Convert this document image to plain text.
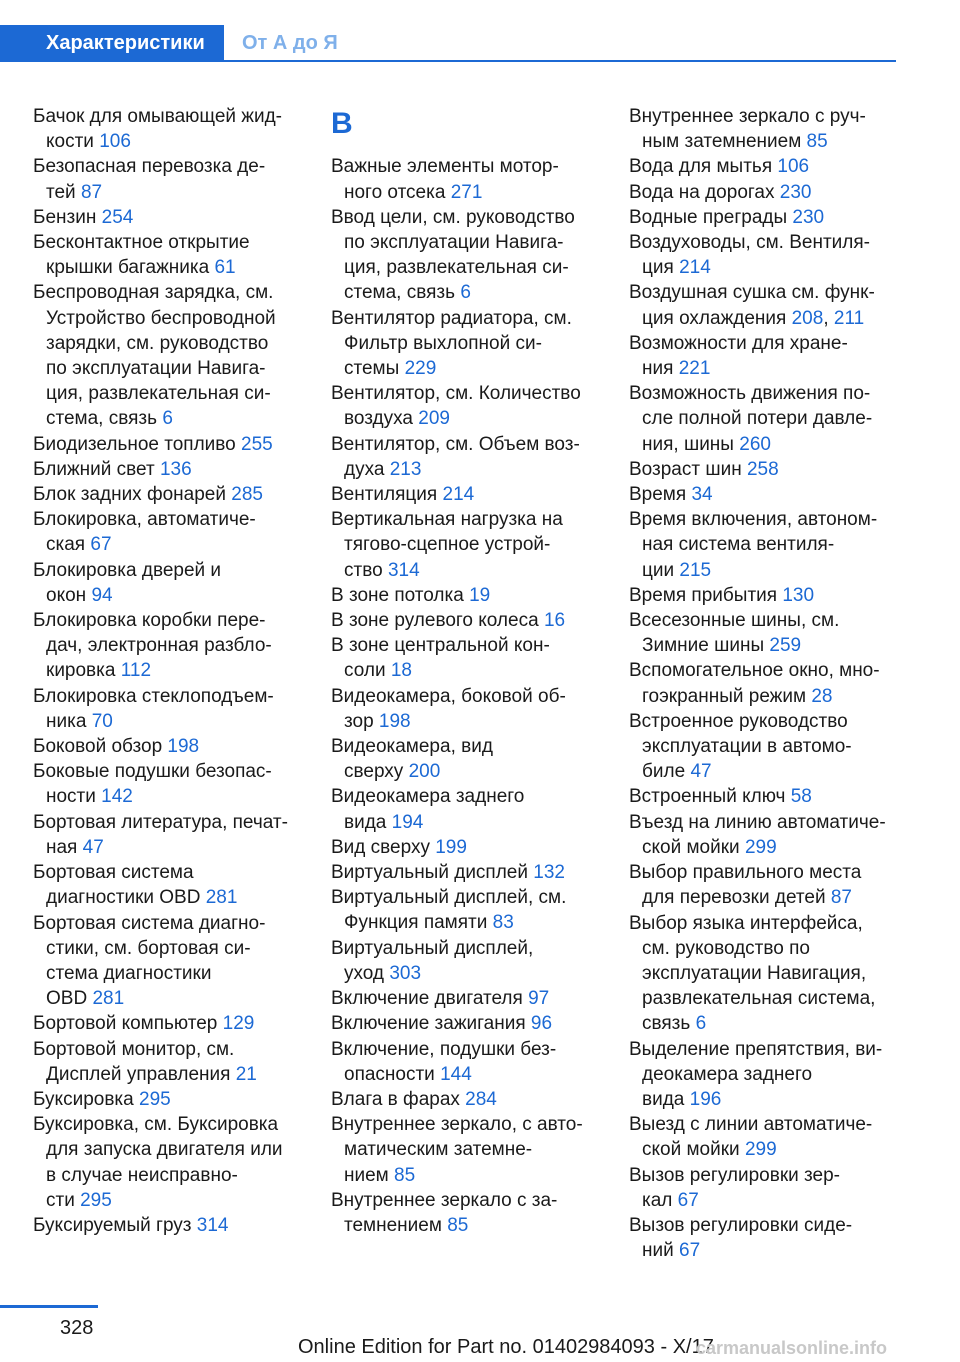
Характеристики	От А до Я
Бачок для омывающей жид-
кости 106
Безопасная перевозка де-
тей 87
Бензин 254
Бесконтактное открытие
крышки багажника 61
Беспроводная зарядка, см.
Устройство беспроводной
зарядки, см. руководство
по эксплуатации Навига-
ция, развлекательная си-
стема, связь 6
Биодизельное топливо 255
Ближний свет 136
Блок задних фонарей 285
Блокировка, автоматиче-
ская 67
Блокировка дверей и
окон 94
Блокировка коробки пере-
дач, электронная разбло-
кировка 112
Блокировка стеклоподъем-
ника 70
Боковой обзор 198
Боковые подушки безопас-
ности 142
Бортовая литература, печат-
ная 47
Бортовая система
диагностики OBD 281
Бортовая система диагно-
стики, см. бортовая си-
стема диагностики
OBD 281
Бортовой компьютер 129
Бортовой монитор, см.
Дисплей управления 21
Буксировка 295
Буксировка, см. Буксировка
для запуска двигателя или
в случае неисправно-
сти 295
Буксируемый груз 314
В
Важные элементы мотор-
ного отсека 271
Ввод цели, см. руководство
по эксплуатации Навига-
ция, развлекательная си-
стема, связь 6
Вентилятор радиатора, см.
Фильтр выхлопной си-
стемы 229
Вентилятор, см. Количество
воздуха 209
Вентилятор, см. Объем воз-
духа 213
Вентиляция 214
Вертикальная нагрузка на
тягово-сцепное устрой-
ство 314
В зоне потолка 19
В зоне рулевого колеса 16
В зоне центральной кон-
соли 18
Видеокамера, боковой об-
зор 198
Видеокамера, вид
сверху 200
Видеокамера заднего
вида 194
Вид сверху 199
Виртуальный дисплей 132
Виртуальный дисплей, см.
Функция памяти 83
Виртуальный дисплей,
уход 303
Включение двигателя 97
Включение зажигания 96
Включение, подушки без-
опасности 144
Влага в фарах 284
Внутреннее зеркало, с авто-
матическим затемне-
нием 85
Внутреннее зеркало с за-
темнением 85
Внутреннее зеркало с руч-
ным затемнением 85
Вода для мытья 106
Вода на дорогах 230
Водные преграды 230
Воздуховоды, см. Вентиля-
ция 214
Воздушная сушка см. функ-
ция охлаждения 208, 211
Возможности для хране-
ния 221
Возможность движения по-
сле полной потери давле-
ния, шины 260
Возраст шин 258
Время 34
Время включения, автоном-
ная система вентиля-
ции 215
Время прибытия 130
Всесезонные шины, см.
Зимние шины 259
Вспомогательное окно, мно-
гоэкранный режим 28
Встроенное руководство
эксплуатации в автомо-
биле 47
Встроенный ключ 58
Въезд на линию автоматиче-
ской мойки 299
Выбор правильного места
для перевозки детей 87
Выбор языка интерфейса,
см. руководство по
эксплуатации Навигация,
развлекательная система,
связь 6
Выделение препятствия, ви-
деокамера заднего
вида 196
Выезд с линии автоматиче-
ской мойки 299
Вызов регулировки зер-
кал 67
Вызов регулировки сиде-
ний 67
328
Online Edition for Part no. 01402984093 - X/17
carmanualsonline.info
